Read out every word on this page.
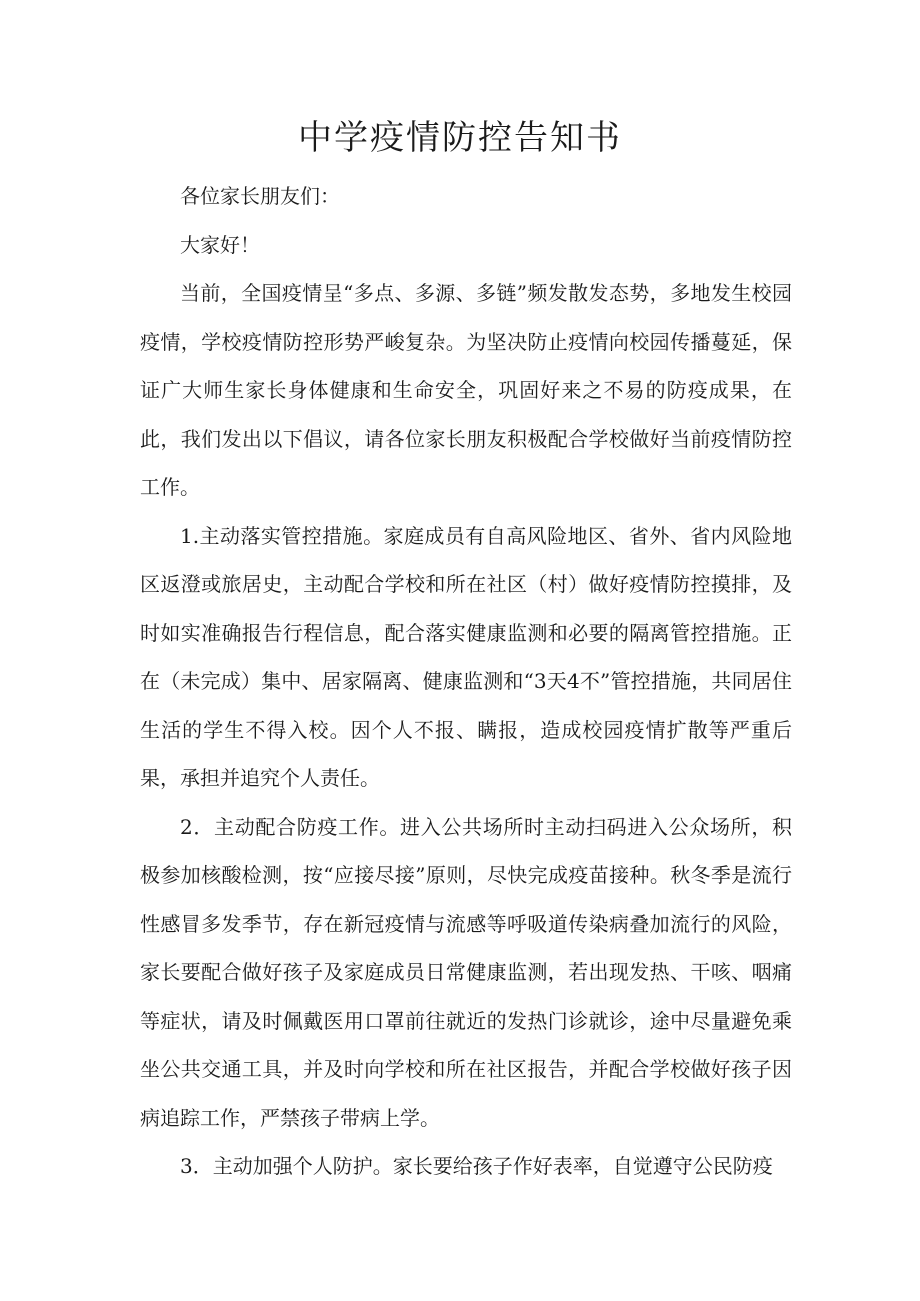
中学疫情防控告知书

各位家长朋友们：

大家好！

当前，全国疫情呈“多点、多源、多链”频发散发态势，多地发生校园疫情，学校疫情防控形势严峻复杂。为坚决防止疫情向校园传播蔓延，保证广大师生家长身体健康和生命安全，巩固好来之不易的防疫成果，在此，我们发出以下倡议，请各位家长朋友积极配合学校做好当前疫情防控工作。

1.主动落实管控措施。家庭成员有自高风险地区、省外、省内风险地区返澄或旅居史，主动配合学校和所在社区（村）做好疫情防控摸排，及时如实准确报告行程信息，配合落实健康监测和必要的隔离管控措施。正在（未完成）集中、居家隔离、健康监测和“3天4不”管控措施，共同居住生活的学生不得入校。因个人不报、瞒报，造成校园疫情扩散等严重后果，承担并追究个人责任。

2．主动配合防疫工作。进入公共场所时主动扫码进入公众场所，积极参加核酸检测，按“应接尽接”原则，尽快完成疫苗接种。秋冬季是流行性感冒多发季节，存在新冠疫情与流感等呼吸道传染病叠加流行的风险，家长要配合做好孩子及家庭成员日常健康监测，若出现发热、干咳、咽痛等症状，请及时佩戴医用口罩前往就近的发热门诊就诊，途中尽量避免乘坐公共交通工具，并及时向学校和所在社区报告，并配合学校做好孩子因病追踪工作，严禁孩子带病上学。

3．主动加强个人防护。家长要给孩子作好表率，自觉遵守公民防疫
